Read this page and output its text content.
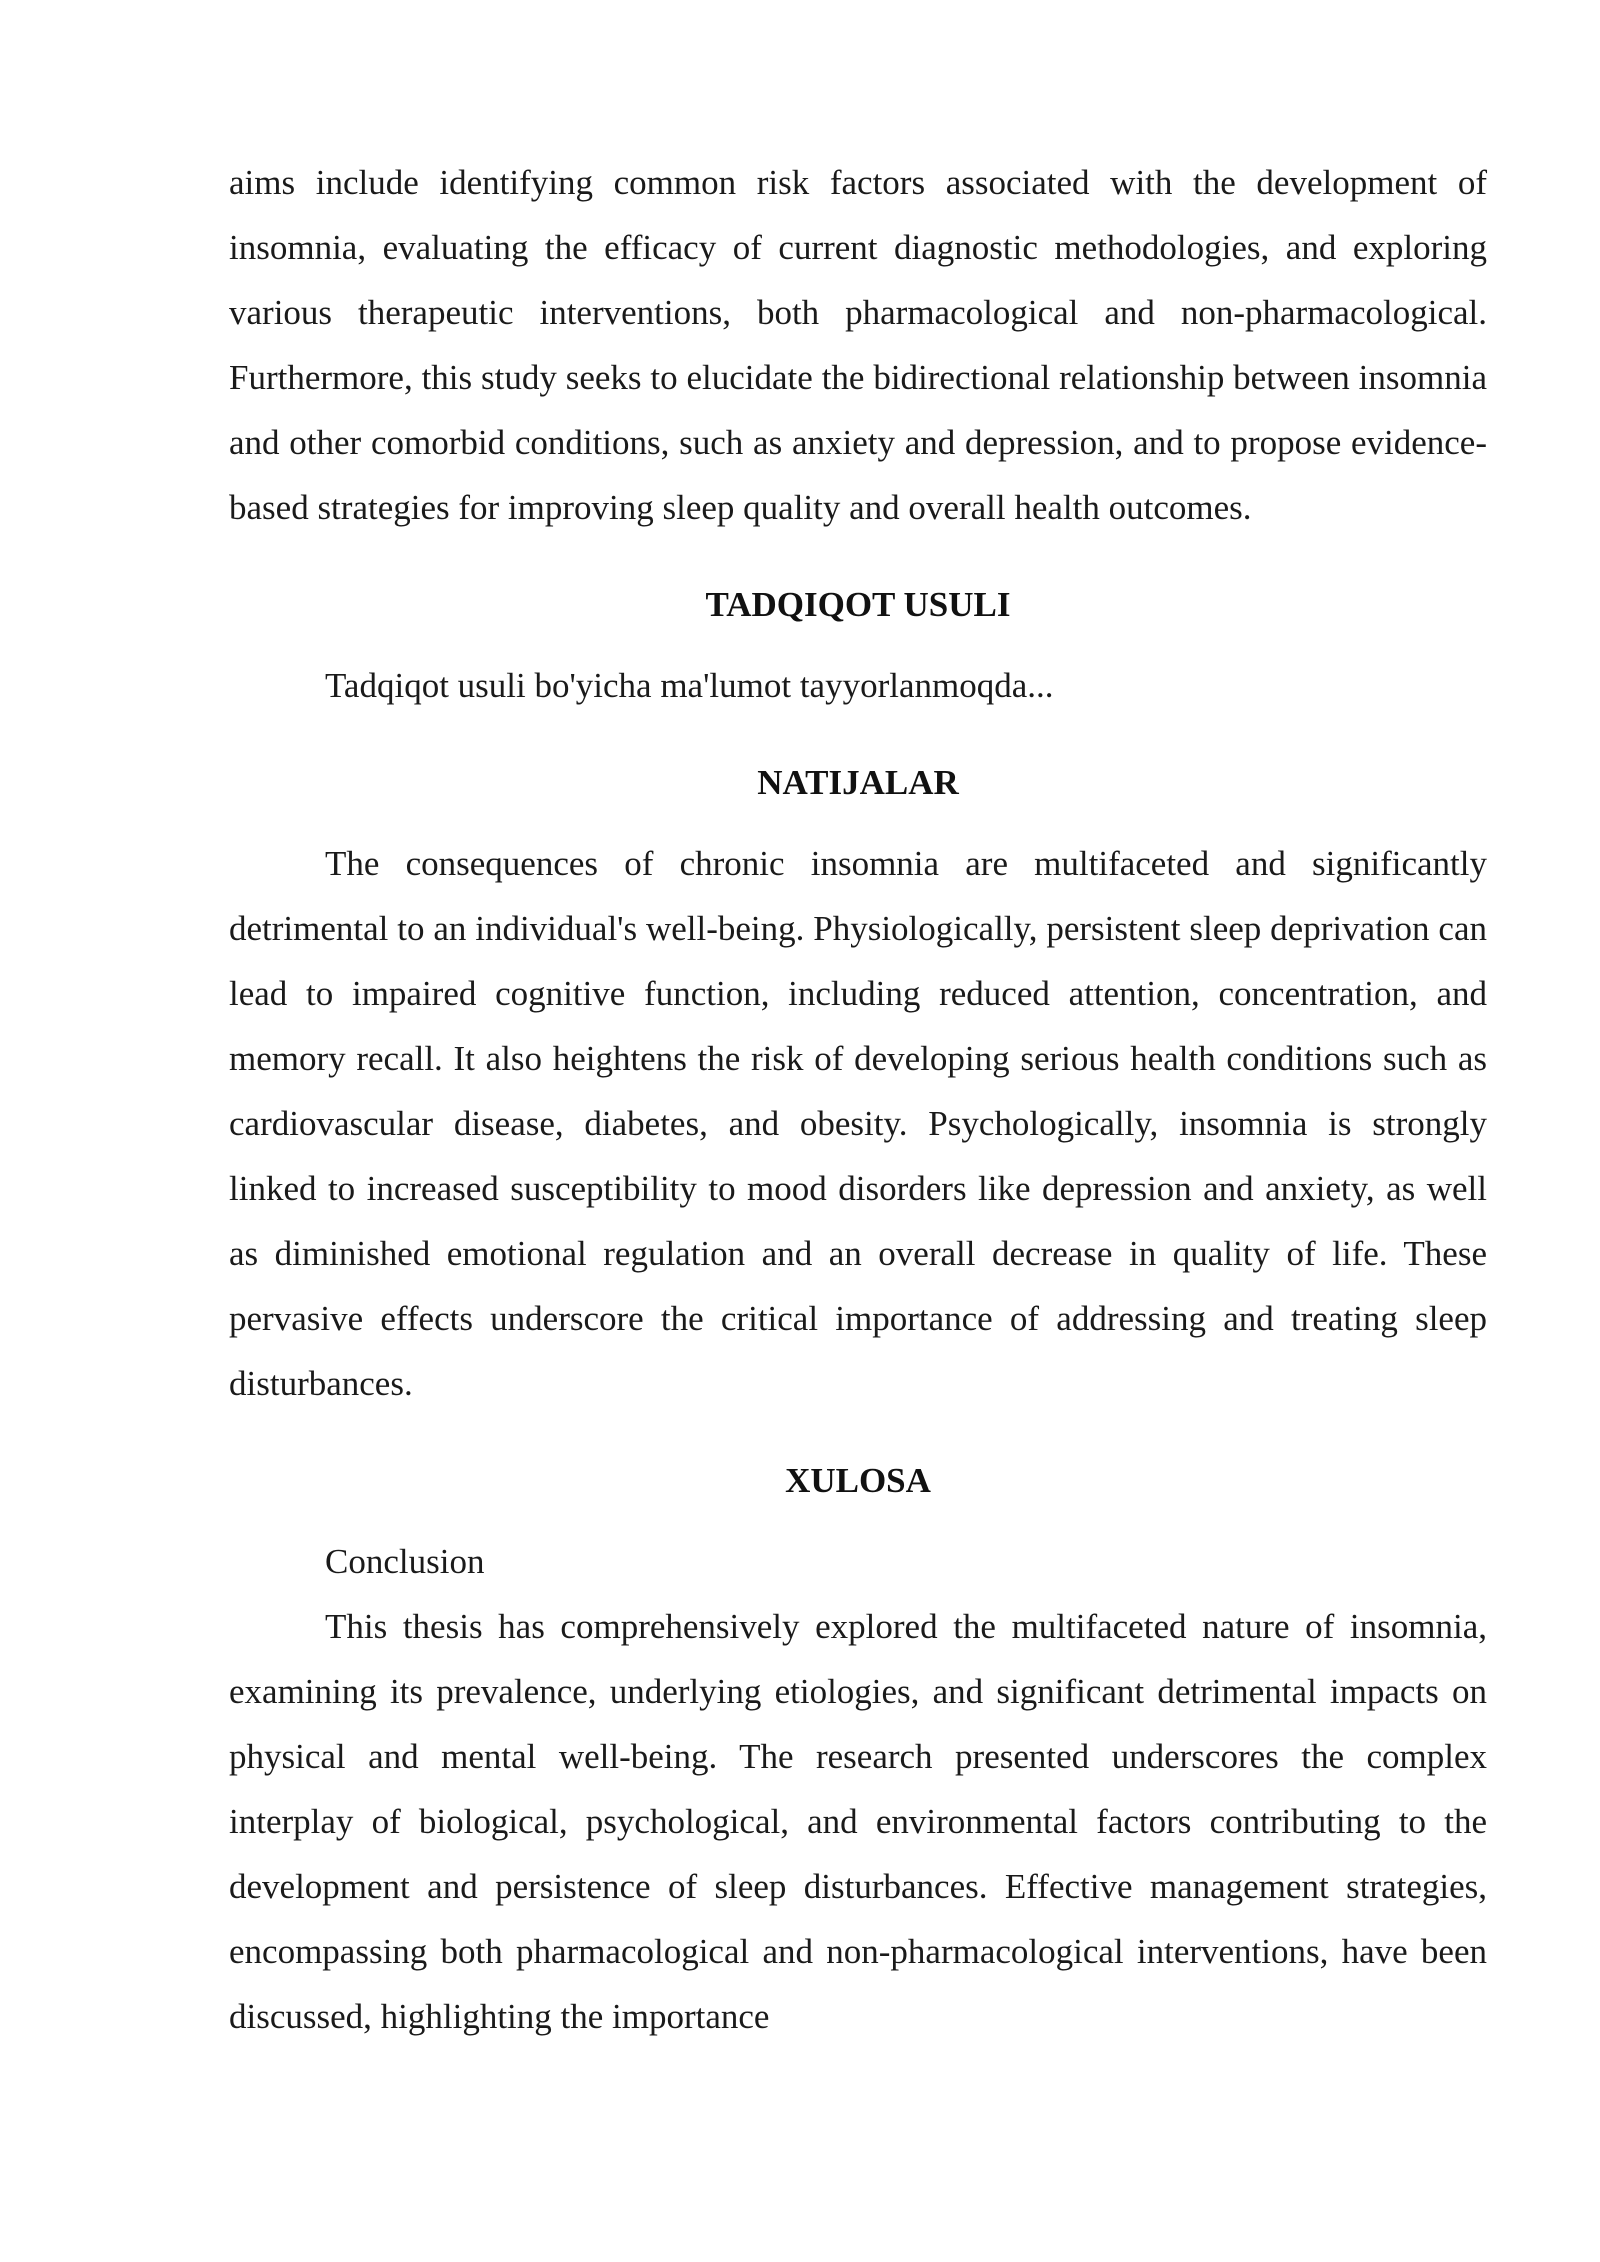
aims include identifying common risk factors associated with the development of insomnia, evaluating the efficacy of current diagnostic methodologies, and exploring various therapeutic interventions, both pharmacological and non-pharmacological. Furthermore, this study seeks to elucidate the bidirectional relationship between insomnia and other comorbid conditions, such as anxiety and depression, and to propose evidence-based strategies for improving sleep quality and overall health outcomes.

TADQIQOT USULI

Tadqiqot usuli bo'yicha ma'lumot tayyorlanmoqda...

NATIJALAR

The consequences of chronic insomnia are multifaceted and significantly detrimental to an individual's well-being. Physiologically, persistent sleep deprivation can lead to impaired cognitive function, including reduced attention, concentration, and memory recall. It also heightens the risk of developing serious health conditions such as cardiovascular disease, diabetes, and obesity. Psychologically, insomnia is strongly linked to increased susceptibility to mood disorders like depression and anxiety, as well as diminished emotional regulation and an overall decrease in quality of life. These pervasive effects underscore the critical importance of addressing and treating sleep disturbances.

XULOSA

Conclusion

This thesis has comprehensively explored the multifaceted nature of insomnia, examining its prevalence, underlying etiologies, and significant detrimental impacts on physical and mental well-being. The research presented underscores the complex interplay of biological, psychological, and environmental factors contributing to the development and persistence of sleep disturbances. Effective management strategies, encompassing both pharmacological and non-pharmacological interventions, have been discussed, highlighting the importance
